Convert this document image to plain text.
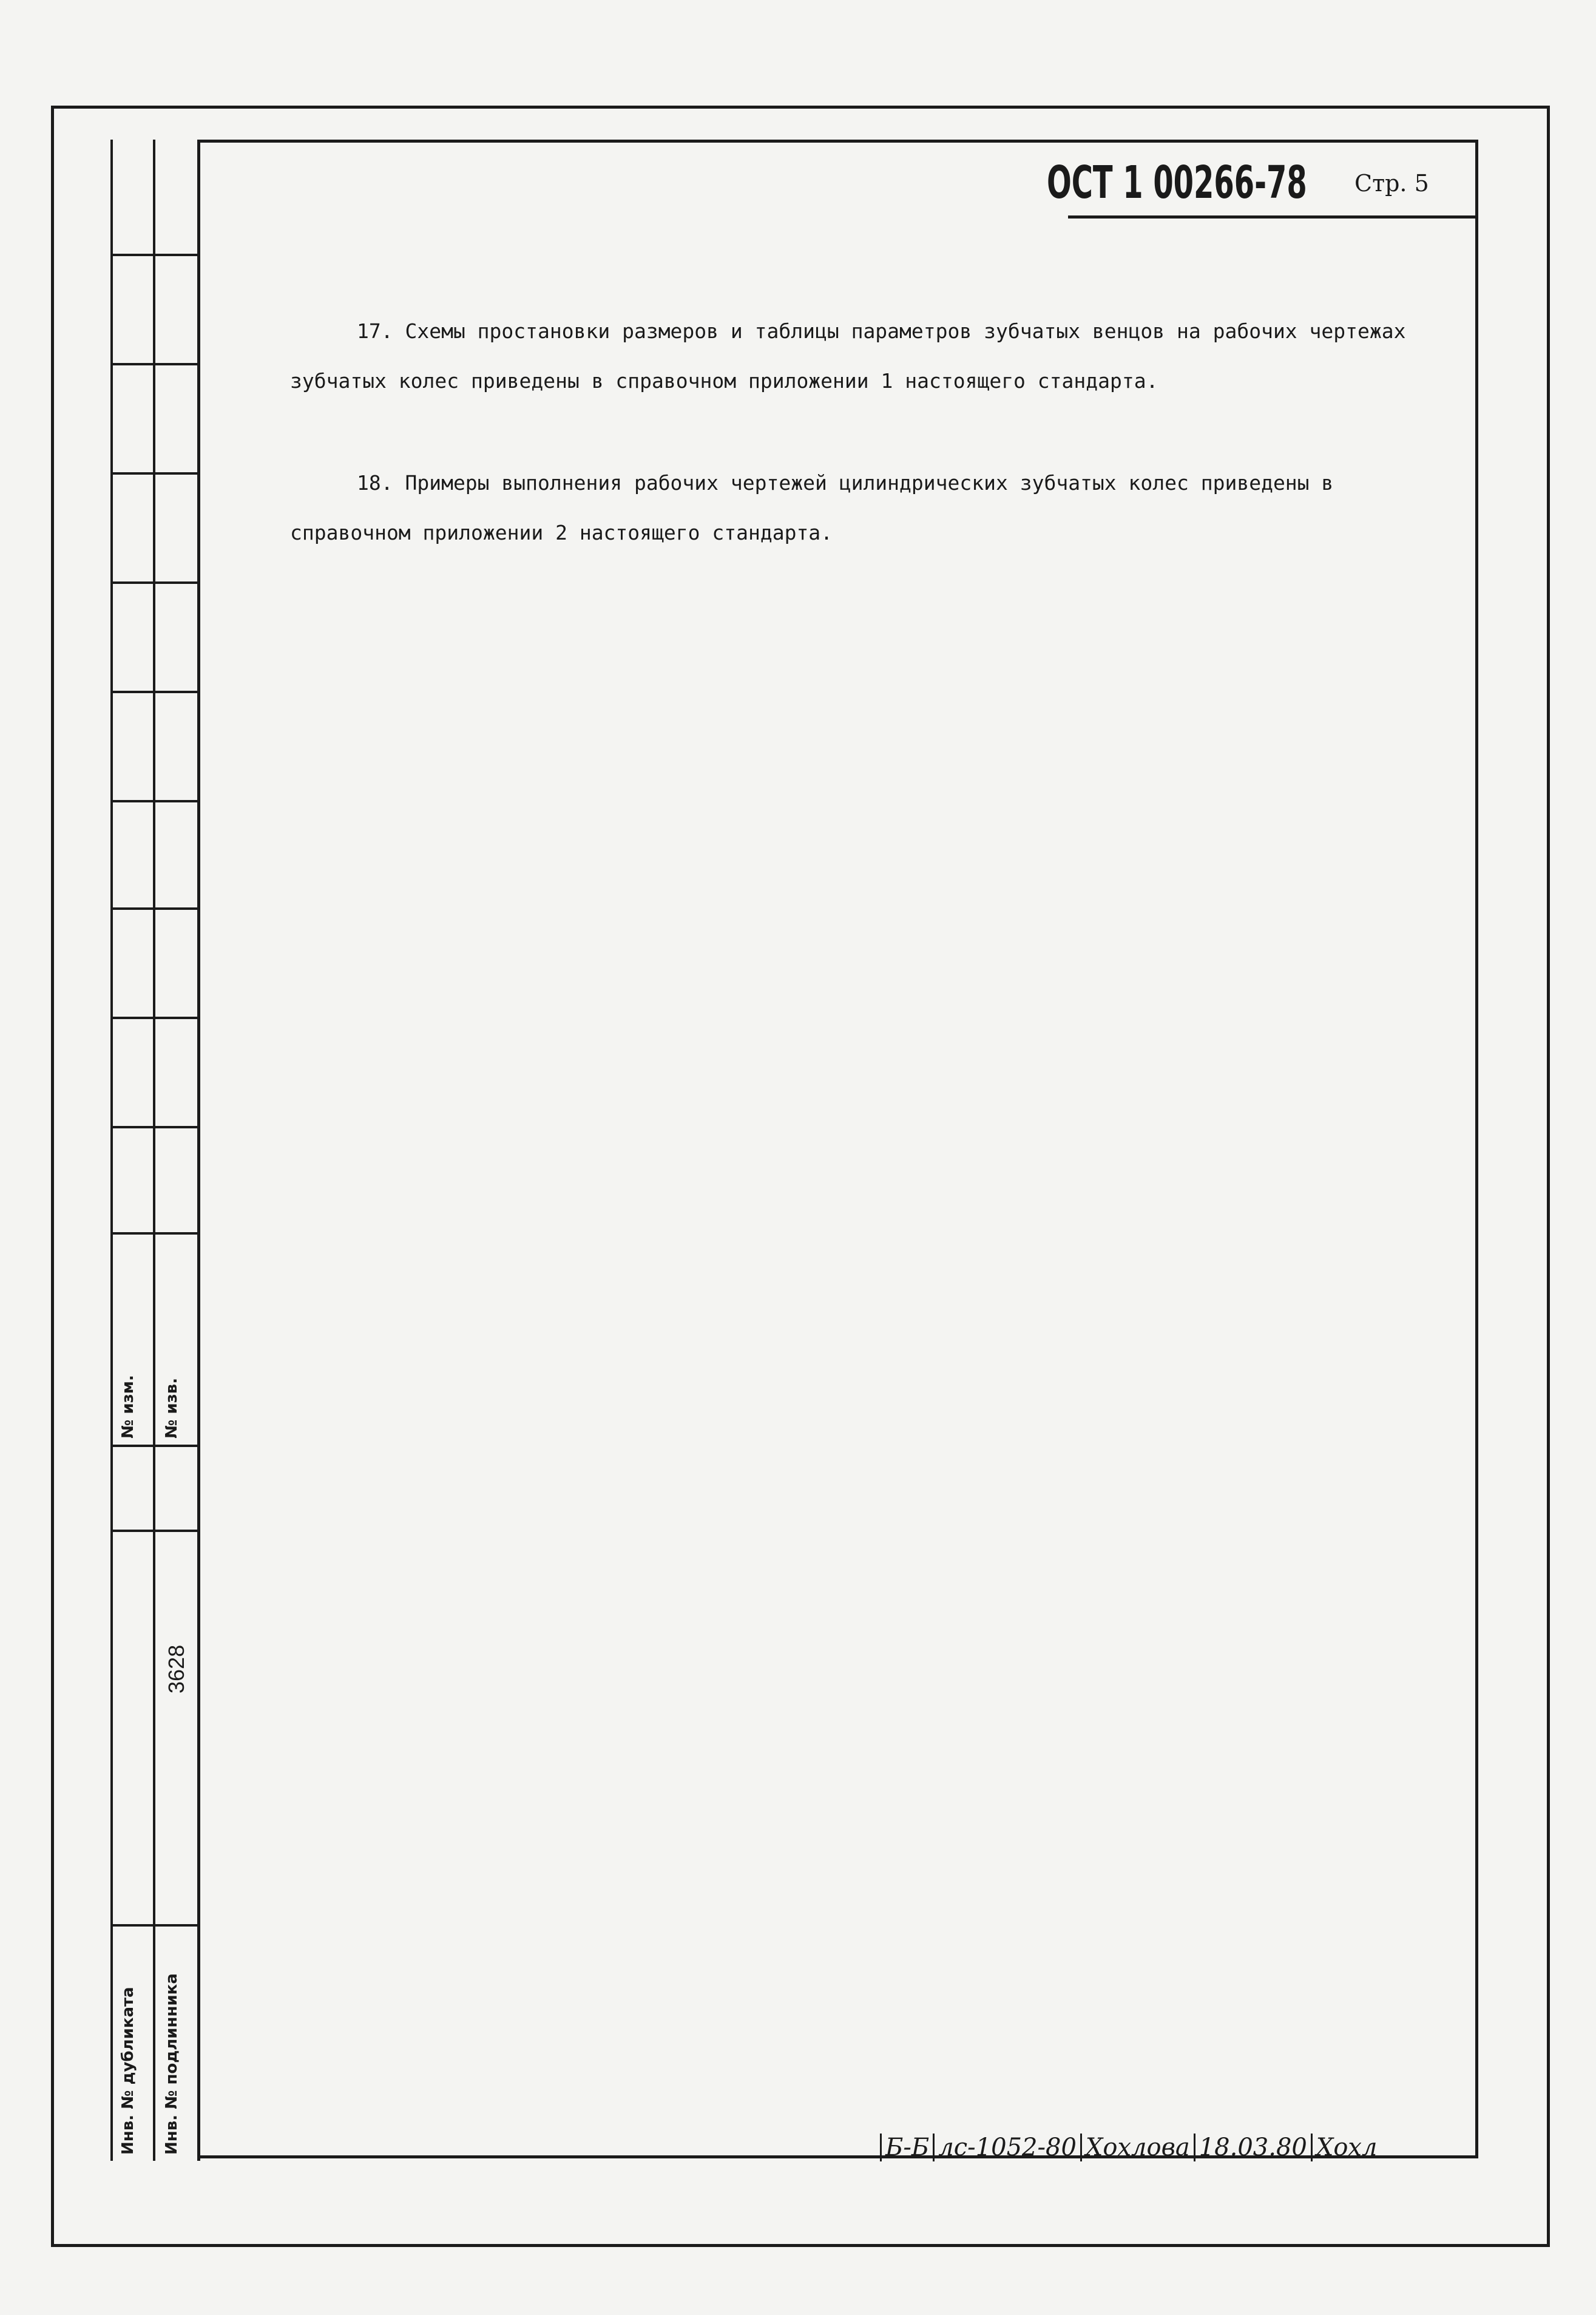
№ изм. № изв.
Инв. № дубликата Инв. № подлинника
3628
ОСТ 1 00266-78 Стр. 5
17. Схемы простановки размеров и таблицы параметров зубчатых венцов на рабочих чертежах зубчатых колес приведены в справочном приложении 1 настоящего стандарта.
18. Примеры выполнения рабочих чертежей цилиндрических зубчатых колес приведены в справочном приложении 2 настоящего стандарта.
Б-Б лс-1052-80 Хохлова 18.03.80 Хохл
